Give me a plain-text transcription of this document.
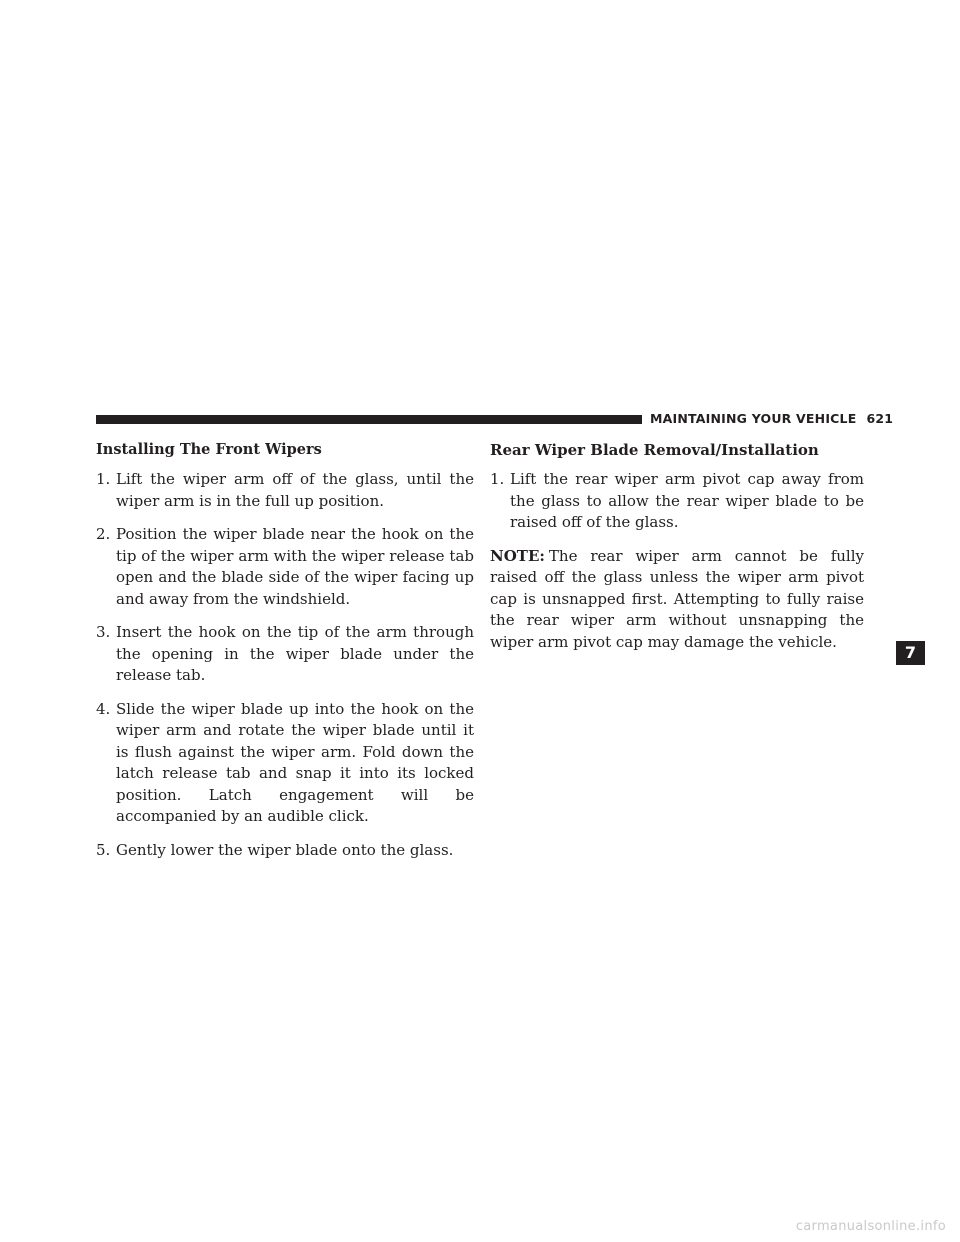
MAINTAINING YOUR VEHICLE 621
Installing The Front Wipers
1. Lift the wiper arm off of the glass, until the wiper arm is in the full up position.
2. Position the wiper blade near the hook on the tip of the wiper arm with the wiper release tab open and the blade side of the wiper facing up and away from the windshield.
3. Insert the hook on the tip of the arm through the opening in the wiper blade under the release tab.
4. Slide the wiper blade up into the hook on the wiper arm and rotate the wiper blade until it is flush against the wiper arm. Fold down the latch release tab and snap it into its locked position. Latch engagement will be accompanied by an audible click.
5. Gently lower the wiper blade onto the glass.
Rear Wiper Blade Removal/Installation
1. Lift the rear wiper arm pivot cap away from the glass to allow the rear wiper blade to be raised off of the glass.

NOTE: The rear wiper arm cannot be fully raised off the glass unless the wiper arm pivot cap is unsnapped first. Attempting to fully raise the rear wiper arm without unsnapping the wiper arm pivot cap may damage the vehicle.

7
carmanualsonline.info
